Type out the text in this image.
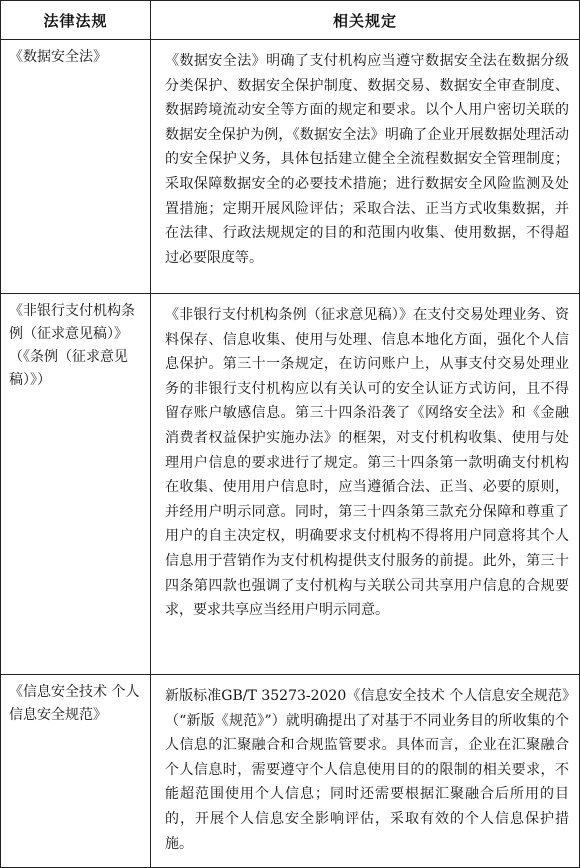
法律法规	相关规定

《数据安全法》	《数据安全法》明确了支付机构应当遵守数据安全法在数据分级分类保护、数据安全保护制度、数据交易、数据安全审查制度、数据跨境流动安全等方面的规定和要求。以个人用户密切关联的数据安全保护为例，《数据安全法》明确了企业开展数据处理活动的安全保护义务，具体包括建立健全全流程数据安全管理制度；采取保障数据安全的必要技术措施；进行数据安全风险监测及处置措施；定期开展风险评估；采取合法、正当方式收集数据，并在法律、行政法规规定的目的和范围内收集、使用数据，不得超过必要限度等。

《非银行支付机构条例（征求意见稿）》（《条例（征求意见稿）》）	《非银行支付机构条例（征求意见稿）》在支付交易处理业务、资料保存、信息收集、使用与处理、信息本地化方面，强化个人信息保护。第三十一条规定，在访问账户上，从事支付交易处理业务的非银行支付机构应以有关认可的安全认证方式访问，且不得留存账户敏感信息。第三十四条沿袭了《网络安全法》和《金融消费者权益保护实施办法》的框架，对支付机构收集、使用与处理用户信息的要求进行了规定。第三十四条第一款明确支付机构在收集、使用用户信息时，应当遵循合法、正当、必要的原则，并经用户明示同意。同时，第三十四条第三款充分保障和尊重了用户的自主决定权，明确要求支付机构不得将用户同意将其个人信息用于营销作为支付机构提供支付服务的前提。此外，第三十四条第四款也强调了支付机构与关联公司共享用户信息的合规要求，要求共享应当经用户明示同意。

《信息安全技术 个人信息安全规范》	新版标准GB/T 35273-2020《信息安全技术 个人信息安全规范》（“新版《规范》”）就明确提出了对基于不同业务目的所收集的个人信息的汇聚融合和合规监管要求。具体而言，企业在汇聚融合个人信息时，需要遵守个人信息使用目的的限制的相关要求，不能超范围使用个人信息；同时还需要根据汇聚融合后所用的目的，开展个人信息安全影响评估，采取有效的个人信息保护措施。
